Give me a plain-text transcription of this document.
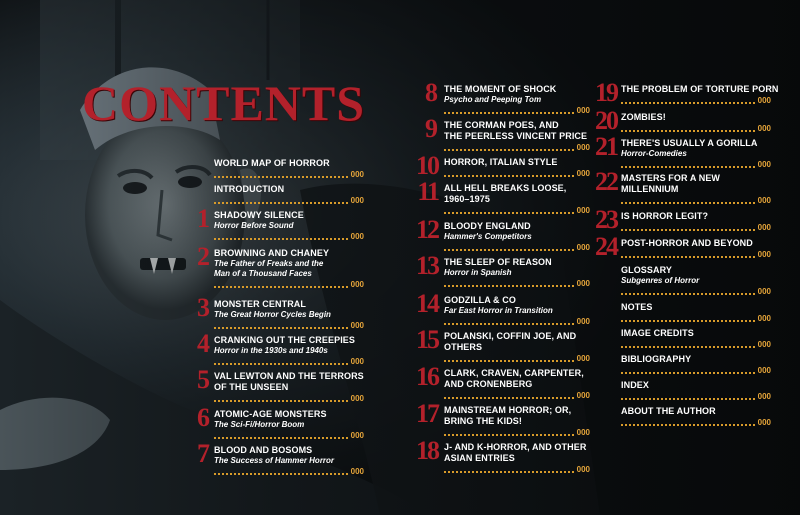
CONTENTS
WORLD MAP OF HORROR
000
INTRODUCTION
000
1 SHADOWY SILENCE
Horror Before Sound
000
2 BROWNING AND CHANEY
The Father of Freaks and the
Man of a Thousand Faces
000
3 MONSTER CENTRAL
The Great Horror Cycles Begin
000
4 CRANKING OUT THE CREEPIES
Horror in the 1930s and 1940s
000
5 VAL LEWTON AND THE TERRORS
OF THE UNSEEN
000
6 ATOMIC-AGE MONSTERS
The Sci-Fi/Horror Boom
000
7 BLOOD AND BOSOMS
The Success of Hammer Horror
000
8 THE MOMENT OF SHOCK
Psycho and Peeping Tom
000
9 THE CORMAN POES, AND
THE PEERLESS VINCENT PRICE
000
10 HORROR, ITALIAN STYLE
000
11 ALL HELL BREAKS LOOSE,
1960–1975
000
12 BLOODY ENGLAND
Hammer's Competitors
000
13 THE SLEEP OF REASON
Horror in Spanish
000
14 GODZILLA & CO
Far East Horror in Transition
000
15 POLANSKI, COFFIN JOE, AND
OTHERS
000
16 CLARK, CRAVEN, CARPENTER,
AND CRONENBERG
000
17 MAINSTREAM HORROR; OR,
BRING THE KIDS!
000
18 J- AND K-HORROR, AND OTHER
ASIAN ENTRIES
000
19 THE PROBLEM OF TORTURE PORN
000
20 ZOMBIES!
000
21 THERE'S USUALLY A GORILLA
Horror-Comedies
000
22 MASTERS FOR A NEW
MILLENNIUM
000
23 IS HORROR LEGIT?
000
24 POST-HORROR AND BEYOND
000
GLOSSARY
Subgenres of Horror
000
NOTES
000
IMAGE CREDITS
000
BIBLIOGRAPHY
000
INDEX
000
ABOUT THE AUTHOR
000
